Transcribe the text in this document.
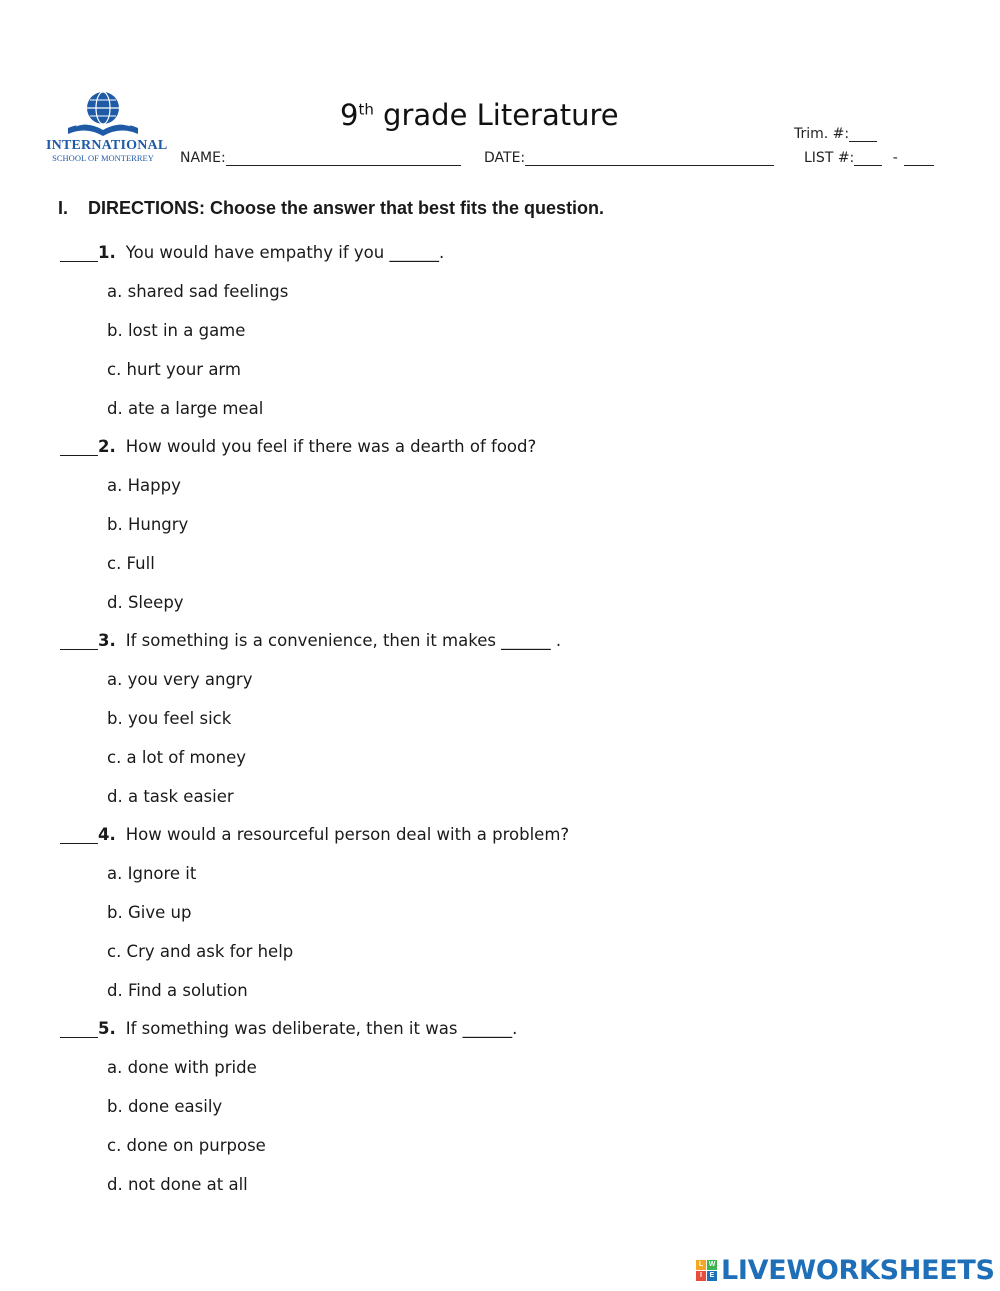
INTERNATIONAL
SCHOOL OF MONTERREY
9th grade Literature
Trim. #:
NAME:	DATE:	LIST #:	-
I. DIRECTIONS: Choose the answer that best fits the question.
1. You would have empathy if you ______.
a. shared sad feelings
b. lost in a game
c. hurt your arm
d. ate a large meal
2. How would you feel if there was a dearth of food?
a. Happy
b. Hungry
c. Full
d. Sleepy
3. If something is a convenience, then it makes ______ .
a. you very angry
b. you feel sick
c. a lot of money
d. a task easier
4. How would a resourceful person deal with a problem?
a. Ignore it
b. Give up
c. Cry and ask for help
d. Find a solution
5. If something was deliberate, then it was ______.
a. done with pride
b. done easily
c. done on purpose
d. not done at all
L W
I	E LIVEWORKSHEETS
